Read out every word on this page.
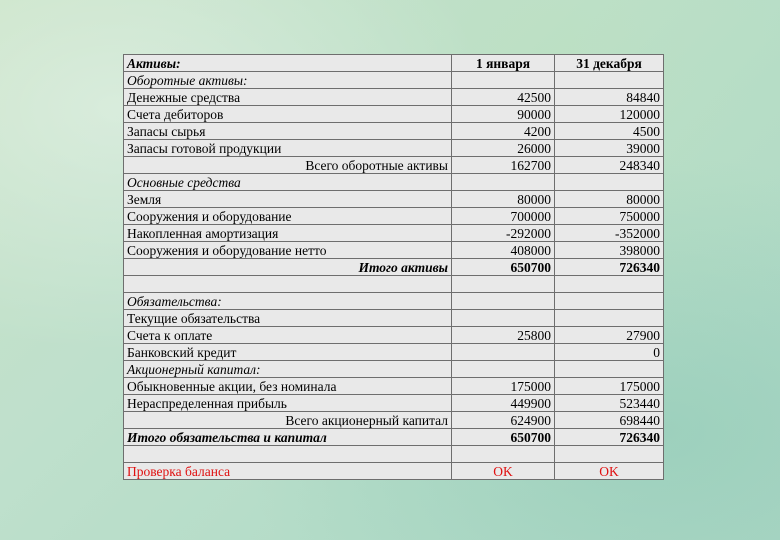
Активы:	1 января	31 декабря
Оборотные активы:		
Денежные средства	42500	84840
Счета дебиторов	90000	120000
Запасы сырья	4200	4500
Запасы готовой продукции	26000	39000
Всего оборотные активы	162700	248340
Основные средства		
Земля	80000	80000
Сооружения и оборудование	700000	750000
Накопленная амортизация	-292000	-352000
Сооружения и оборудование нетто	408000	398000
Итого активы	650700	726340

Обязательства:		
Текущие обязательства		
Счета к оплате	25800	27900
Банковский кредит		0
Акционерный капитал:		
Обыкновенные акции, без номинала	175000	175000
Нераспределенная прибыль	449900	523440
Всего акционерный капитал	624900	698440
Итого обязательства и капитал	650700	726340

Проверка баланса	OK	OK
